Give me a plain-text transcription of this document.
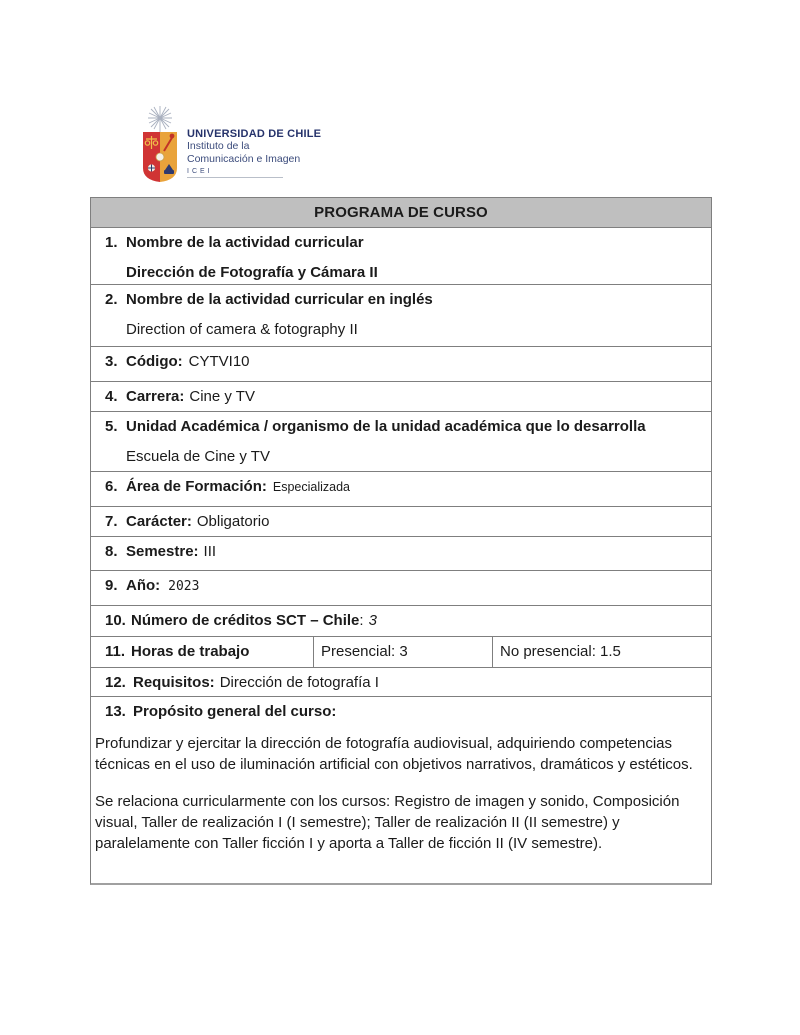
UNIVERSIDAD DE CHILE
Instituto de la
Comunicación e Imagen
ICEI
PROGRAMA DE CURSO
1. Nombre de la actividad curricular
Dirección de Fotografía y Cámara II
2. Nombre de la actividad curricular en inglés
Direction of camera & fotography II
3. Código: CYTVI10
4. Carrera: Cine y TV
5. Unidad Académica / organismo de la unidad académica que lo desarrolla
Escuela de Cine y TV
6. Área de Formación: Especializada
7. Carácter: Obligatorio
8. Semestre: III
9. Año: 2023
10. Número de créditos SCT – Chile : 3
11. Horas de trabajo	Presencial: 3	No presencial: 1.5
12. Requisitos: Dirección de fotografía I
13. Propósito general del curso:
Profundizar y ejercitar la dirección de fotografía audiovisual, adquiriendo competencias técnicas en el uso de iluminación artificial con objetivos narrativos, dramáticos y estéticos.
Se relaciona curricularmente con los cursos: Registro de imagen y sonido, Composición visual, Taller de realización I (I semestre); Taller de realización II (II semestre) y paralelamente con Taller ficción I y aporta a Taller de ficción II (IV semestre).
